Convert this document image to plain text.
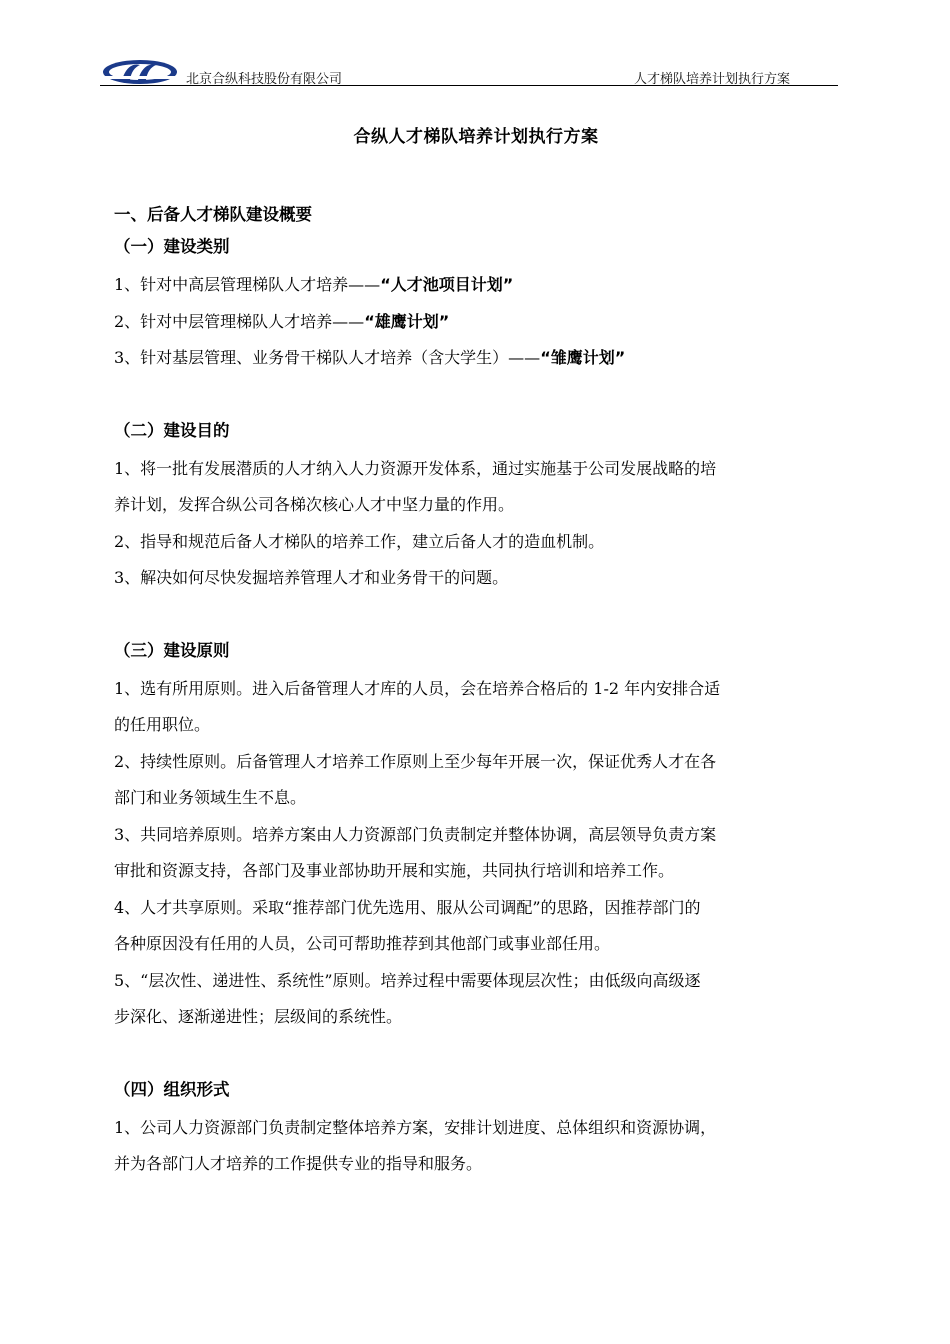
北京合纵科技股份有限公司	人才梯队培养计划执行方案
合纵人才梯队培养计划执行方案

一、后备人才梯队建设概要

（一）建设类别

1、针对中高层管理梯队人才培养——“人才池项目计划”

2、针对中层管理梯队人才培养——“雄鹰计划”

3、针对基层管理、业务骨干梯队人才培养（含大学生）——“雏鹰计划”

（二）建设目的

1、将一批有发展潜质的人才纳入人力资源开发体系，通过实施基于公司发展战略的培

养计划，发挥合纵公司各梯次核心人才中坚力量的作用。

2、指导和规范后备人才梯队的培养工作，建立后备人才的造血机制。

3、解决如何尽快发掘培养管理人才和业务骨干的问题。

（三）建设原则

1、选有所用原则。进入后备管理人才库的人员，会在培养合格后的 1-2 年内安排合适

的任用职位。

2、持续性原则。后备管理人才培养工作原则上至少每年开展一次，保证优秀人才在各

部门和业务领域生生不息。

3、共同培养原则。培养方案由人力资源部门负责制定并整体协调，高层领导负责方案

审批和资源支持，各部门及事业部协助开展和实施，共同执行培训和培养工作。

4、人才共享原则。采取“推荐部门优先选用、服从公司调配”的思路，因推荐部门的

各种原因没有任用的人员，公司可帮助推荐到其他部门或事业部任用。

5、“层次性、递进性、系统性”原则。培养过程中需要体现层次性；由低级向高级逐

步深化、逐渐递进性；层级间的系统性。

（四）组织形式

1、公司人力资源部门负责制定整体培养方案，安排计划进度、总体组织和资源协调，

并为各部门人才培养的工作提供专业的指导和服务。
